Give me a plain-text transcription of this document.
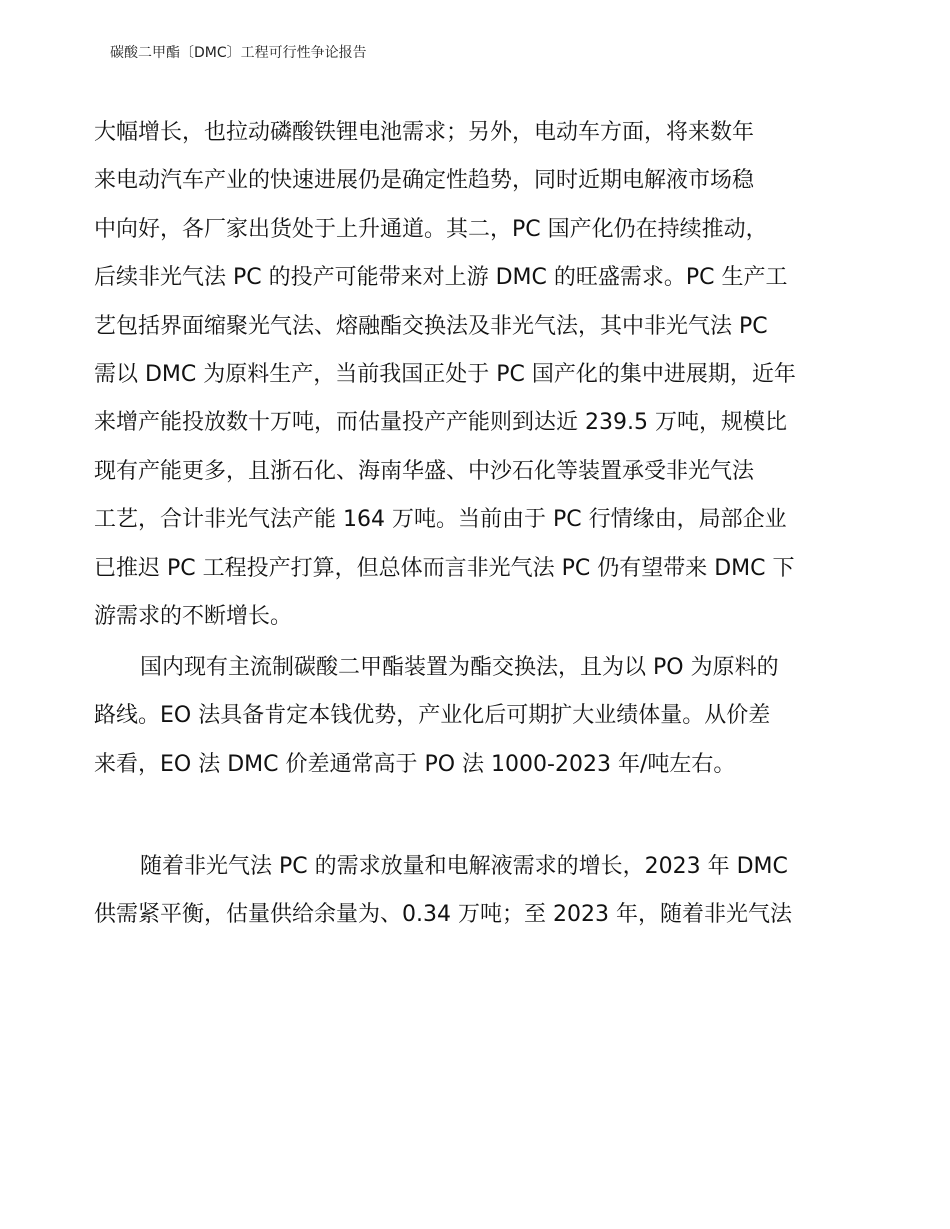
碳酸二甲酯〔DMC〕工程可行性争论报告
大幅增长，也拉动磷酸铁锂电池需求；另外，电动车方面，将来数年
来电动汽车产业的快速进展仍是确定性趋势，同时近期电解液市场稳
中向好，各厂家出货处于上升通道。其二，PC 国产化仍在持续推动，
后续非光气法 PC 的投产可能带来对上游 DMC 的旺盛需求。PC 生产工
艺包括界面缩聚光气法、熔融酯交换法及非光气法，其中非光气法 PC
需以 DMC 为原料生产，当前我国正处于 PC 国产化的集中进展期，近年
来增产能投放数十万吨，而估量投产产能则到达近 239.5 万吨，规模比
现有产能更多，且浙石化、海南华盛、中沙石化等装置承受非光气法
工艺，合计非光气法产能 164 万吨。当前由于 PC 行情缘由，局部企业
已推迟 PC 工程投产打算，但总体而言非光气法 PC 仍有望带来 DMC 下
游需求的不断增长。
国内现有主流制碳酸二甲酯装置为酯交换法，且为以 PO 为原料的
路线。EO 法具备肯定本钱优势，产业化后可期扩大业绩体量。从价差
来看，EO 法 DMC 价差通常高于 PO 法 1000-2023 年/吨左右。
随着非光气法 PC 的需求放量和电解液需求的增长，2023 年 DMC
供需紧平衡，估量供给余量为、0.34 万吨；至 2023 年，随着非光气法
